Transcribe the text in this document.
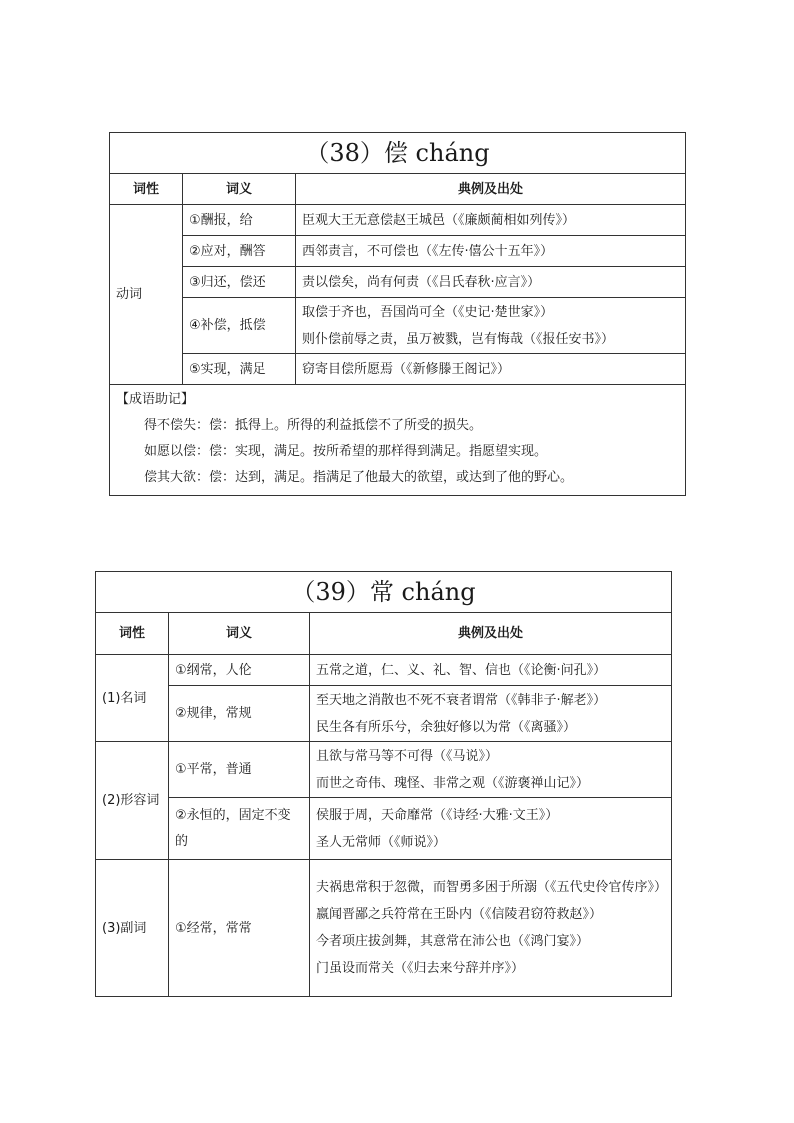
（38）偿 cháng		
词性	词义	典例及出处
动词	①酬报，给	臣观大王无意偿赵王城邑（《廉颇蔺相如列传》）

	②应对，酬答	西邻责言，不可偿也（《左传·僖公十五年》）

	③归还，偿还	责以偿矣，尚有何责（《吕氏春秋·应言》）

	④补偿，抵偿	取偿于齐也，吾国尚可全（《史记·楚世家》）
则仆偿前辱之责，虽万被戮，岂有悔哉（《报任安书》）

	⑤实现，满足	窃寄目偿所愿焉（《新修滕王阁记》）

【成语助记】
得不偿失：偿：抵得上。所得的利益抵偿不了所受的损失。
如愿以偿：偿：实现，满足。按所希望的那样得到满足。指愿望实现。
偿其大欲：偿：达到，满足。指满足了他最大的欲望，或达到了他的野心。		
（39）常 cháng		
词性	词义	典例及出处
(1)名词	①纲常，人伦	五常之道，仁、义、礼、智、信也（《论衡·问孔》）

	②规律，常规	至天地之消散也不死不衰者谓常（《韩非子·解老》）
民生各有所乐兮，余独好修以为常（《离骚》）

(2)形容词	①平常，普通	且欲与常马等不可得（《马说》）
而世之奇伟、瑰怪、非常之观（《游褒禅山记》）

	②永恒的，固定不变的	侯服于周，天命靡常（《诗经·大雅·文王》）
圣人无常师（《师说》）

(3)副词	①经常，常常	夫祸患常积于忽微，而智勇多困于所溺（《五代史伶官传序》）
嬴闻晋鄙之兵符常在王卧内（《信陵君窃符救赵》）
今者项庄拔剑舞，其意常在沛公也（《鸿门宴》）
门虽设而常关（《归去来兮辞并序》）
